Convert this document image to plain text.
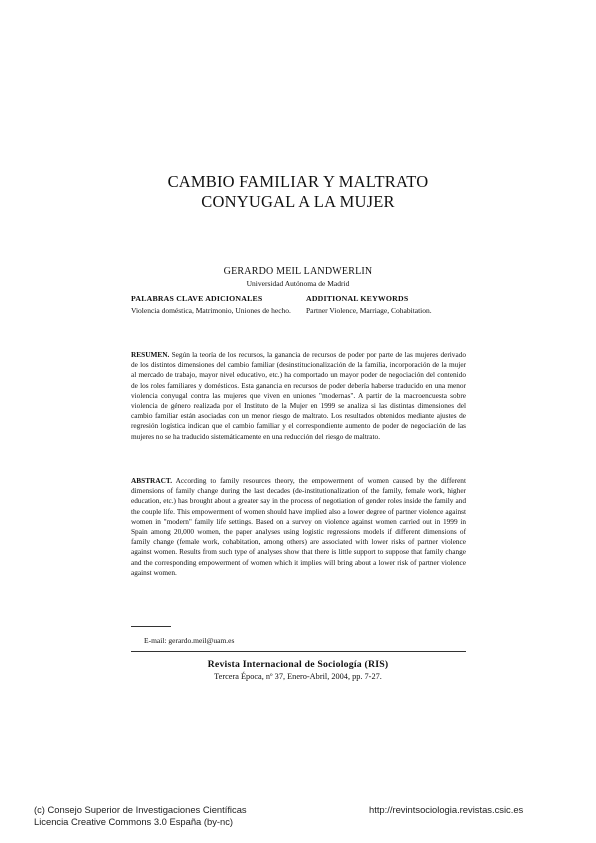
CAMBIO FAMILIAR Y MALTRATO
CONYUGAL A LA MUJER
GERARDO MEIL LANDWERLIN
Universidad Autónoma de Madrid
PALABRAS CLAVE ADICIONALES
Violencia doméstica, Matrimonio, Uniones de hecho.
ADDITIONAL KEYWORDS
Partner Violence, Marriage, Cohabitation.
RESUMEN. Según la teoría de los recursos, la ganancia de recursos de poder por parte de las mujeres derivado de los distintos dimensiones del cambio familiar (desinstitucionalización de la familia, incorporación de la mujer al mercado de trabajo, mayor nivel educativo, etc.) ha comportado un mayor poder de negociación del contenido de los roles familiares y domésticos. Esta ganancia en recursos de poder debería haberse traducido en una menor violencia conyugal contra las mujeres que viven en uniones "modernas". A partir de la macroencuesta sobre violencia de género realizada por el Instituto de la Mujer en 1999 se analiza si las distintas dimensiones del cambio familiar están asociadas con un menor riesgo de maltrato. Los resultados obtenidos mediante ajustes de regresión logística indican que el cambio familiar y el correspondiente aumento de poder de negociación de las mujeres no se ha traducido sistemáticamente en una reducción del riesgo de maltrato.
ABSTRACT. According to family resources theory, the empowerment of women caused by the different dimensions of family change during the last decades (de-institutionalization of the family, female work, higher education, etc.) has brought about a greater say in the process of negotiation of gender roles inside the family and the couple life. This empowerment of women should have implied also a lower degree of partner violence against women in "modern" family life settings. Based on a survey on violence against women carried out in 1999 in Spain among 20,000 women, the paper analyses using logistic regressions models if different dimensions of family change (female work, cohabitation, among others) are associated with lower risks of partner violence against women. Results from such type of analyses show that there is little support to suppose that family change and the corresponding empowerment of women which it implies will bring about a lower risk of partner violence against women.
E-mail: gerardo.meil@uam.es
Revista Internacional de Sociología (RIS)
Tercera Época, nº 37, Enero-Abril, 2004, pp. 7-27.
(c) Consejo Superior de Investigaciones Científicas
Licencia Creative Commons 3.0 España (by-nc)
http://revintsociologia.revistas.csic.es
